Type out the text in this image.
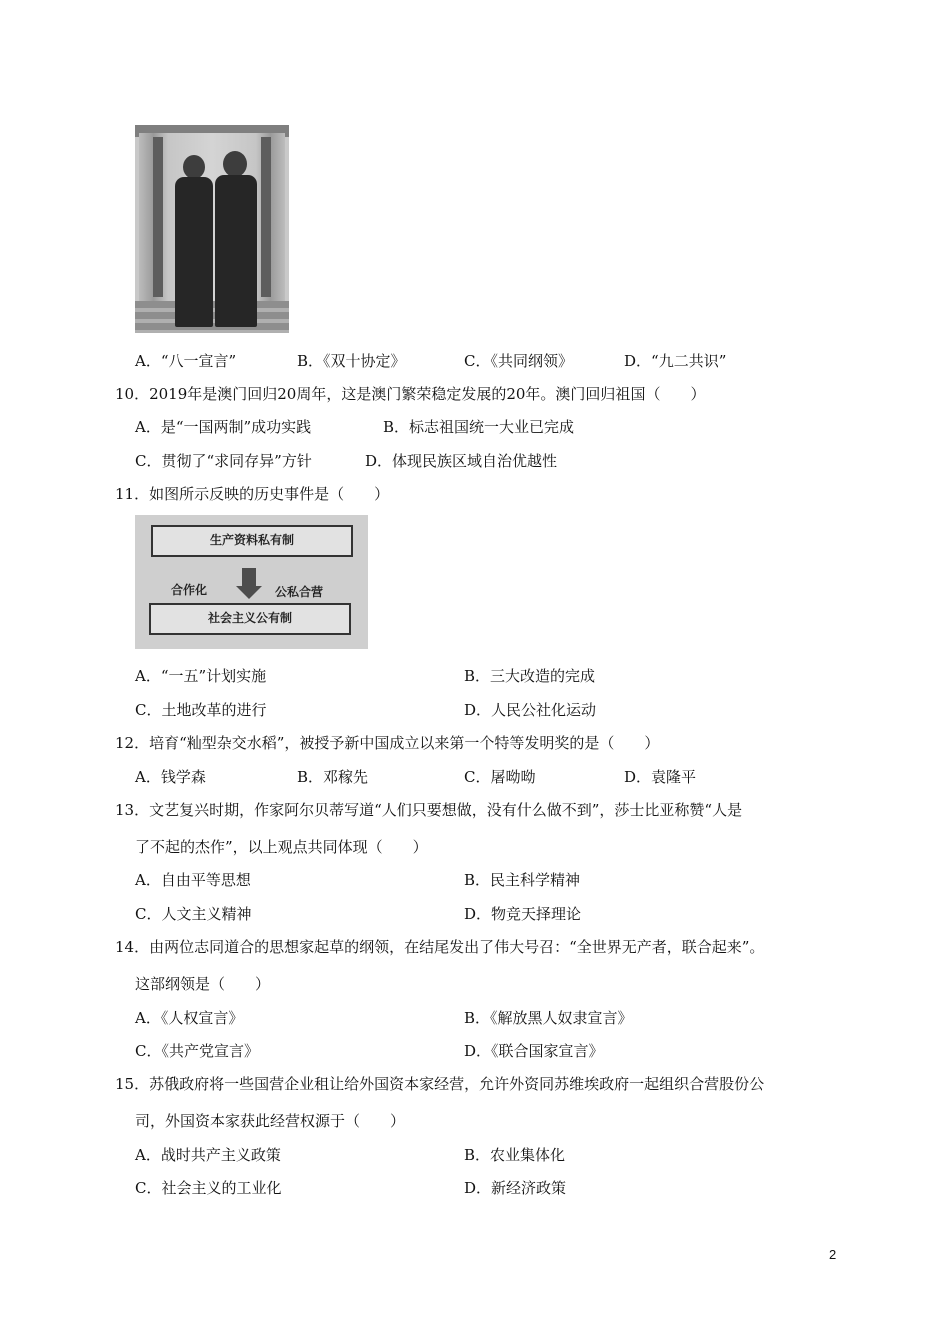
A．“八一宣言”	B．《双十协定》	C．《共同纲领》	D．“九二共识”
10．2019年是澳门回归20周年，这是澳门繁荣稳定发展的20年。澳门回归祖国（　　）
A．是“一国两制”成功实践	B．标志祖国统一大业已完成
C．贯彻了“求同存异”方针	D．体现民族区域自治优越性
11．如图所示反映的历史事件是（　　）
生产资料私有制
合作化	公私合营
社会主义公有制
A．“一五”计划实施	B．三大改造的完成
C．土地改革的进行	D．人民公社化运动
12．培育“籼型杂交水稻”，被授予新中国成立以来第一个特等发明奖的是（　　）
A．钱学森	B．邓稼先	C．屠呦呦	D．袁隆平
13．文艺复兴时期，作家阿尔贝蒂写道“人们只要想做，没有什么做不到”，莎士比亚称赞“人是
了不起的杰作”，以上观点共同体现（　　）
A．自由平等思想	B．民主科学精神
C．人文主义精神	D．物竞天择理论
14．由两位志同道合的思想家起草的纲领，在结尾发出了伟大号召：“全世界无产者，联合起来”。
这部纲领是（　　）
A．《人权宣言》	B．《解放黑人奴隶宣言》
C．《共产党宣言》	D．《联合国家宣言》
15．苏俄政府将一些国营企业租让给外国资本家经营，允许外资同苏维埃政府一起组织合营股份公
司，外国资本家获此经营权源于（　　）
A．战时共产主义政策	B．农业集体化
C．社会主义的工业化	D．新经济政策
2
